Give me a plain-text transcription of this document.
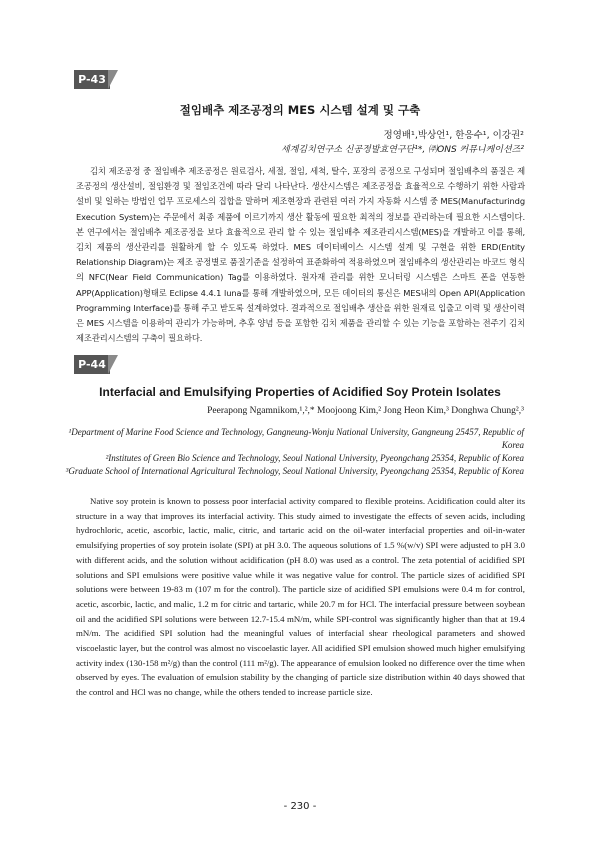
P-43
절임배추 제조공정의 MES 시스템 설계 및 구축
정영배¹,박상언¹, 한응수¹, 이강권²
세계김치연구소 신공정발효연구단¹*, ㈜ONS 커뮤니케이션즈²
김치 제조공정 중 절임배추 제조공정은 원료검사, 세절, 절임, 세척, 탈수, 포장의 공정으로 구성되며 절임배추의 품질은 제조공정의 생산설비, 절임환경 및 절임조건에 따라 달리 나타난다. 생산시스템은 제조공정을 효율적으로 수행하기 위한 사람과 설비 및 일하는 방법인 업무 프로세스의 집합을 말하며 제조현장과 관련된 여러 가지 자동화 시스템 중 MES(Manufacturindg Execution System)는 주문에서 최종 제품에 이르기까지 생산 활동에 필요한 최적의 정보를 관리하는데 필요한 시스템이다. 본 연구에서는 절임배추 제조공정을 보다 효율적으로 관리 할 수 있는 절임배추 제조관리시스템(MES)을 개발하고 이를 통해, 김치 제품의 생산관리를 원활하게 할 수 있도록 하였다. MES 데이터베이스 시스템 설계 및 구현을 위한 ERD(Entity Relationship Diagram)는 제조 공정별로 품질기준을 설정하여 표준화하여 적용하였으며 절임배추의 생산관리는 바코드 형식의 NFC(Near Field Communication) Tag를 이용하였다. 원자재 관리를 위한 모니터링 시스템은 스마트 폰을 연동한 APP(Application)형태로 Eclipse 4.4.1 luna를 통해 개발하였으며, 모든 데이터의 통신은 MES내의 Open API(Application Programming Interface)를 통해 주고 받도록 설계하였다. 결과적으로 절임배추 생산을 위한 원재료 입출고 이력 및 생산이력은 MES 시스템을 이용하여 관리가 가능하며, 추후 양념 등을 포함한 김치 제품을 관리할 수 있는 기능을 포함하는 전주기 김치 제조관리시스템의 구축이 필요하다.
P-44
Interfacial and Emulsifying Properties of Acidified Soy Protein Isolates
Peerapong Ngamnikom,¹,²,* Moojoong Kim,² Jong Heon Kim,³ Donghwa Chung²,³

¹Department of Marine Food Science and Technology, Gangneung-Wonju National University, Gangneung 25457, Republic of Korea

²Institutes of Green Bio Science and Technology, Seoul National University, Pyeongchang 25354, Republic of Korea

³Graduate School of International Agricultural Technology, Seoul National University, Pyeongchang 25354, Republic of Korea

Native soy protein is known to possess poor interfacial activity compared to flexible proteins. Acidification could alter its structure in a way that improves its interfacial activity. This study aimed to investigate the effects of seven acids, including hydrochloric, acetic, ascorbic, lactic, malic, citric, and tartaric acid on the oil-water interfacial properties and oil-in-water emulsifying properties of soy protein isolate (SPI) at pH 3.0. The aqueous solutions of 1.5 %(w/v) SPI were adjusted to pH 3.0 with different acids, and the solution without acidification (pH 8.0) was used as a control. The zeta potential of acidified SPI solutions and SPI emulsions were positive value while it was negative value for control. The particle sizes of acidified SPI solutions were between 19-83 m (107 m for the control). The particle size of acidified SPI emulsions were 0.4 m for control, acetic, ascorbic, lactic, and malic, 1.2 m for citric and tartaric, while 20.7 m for HCl. The interfacial pressure between soybean oil and the acidified SPI solutions were between 12.7-15.4 mN/m, while SPI-control was significantly higher than that at 19.4 mN/m. The acidified SPI solution had the meaningful values of interfacial shear rheological parameters and showed viscoelastic layer, but the control was almost no viscoelastic layer. All acidified SPI emulsion showed much higher emulsifying activity index (130-158 m²/g) than the control (111 m²/g). The appearance of emulsion looked no difference over the time when observed by eyes. The evaluation of emulsion stability by the changing of particle size distribution within 40 days showed that the control and HCl was no change, while the others tended to increase particle size.
- 230 -
